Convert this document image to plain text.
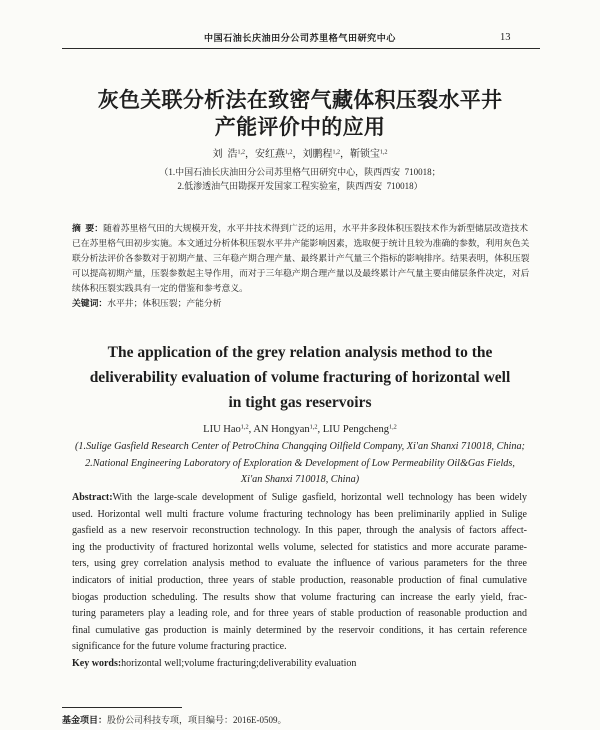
中国石油长庆油田分公司苏里格气田研究中心	13
灰色关联分析法在致密气藏体积压裂水平井
产能评价中的应用
刘  浩$^{1,2}$，安红燕$^{1,2}$，刘鹏程$^{1,2}$，靳锁宝$^{1,2}$
（1.中国石油长庆油田分公司苏里格气田研究中心，陕西西安  710018；
2.低渗透油气田勘探开发国家工程实验室，陕西西安  710018）
摘  要：随着苏里格气田的大规模开发，水平井技术得到广泛的运用，水平井多段体积压裂技术作为新型储层改造技术
已在苏里格气田初步实施。本文通过分析体积压裂水平井产能影响因素，选取便于统计且较为准确的参数，利用灰色关
联分析法评价各参数对于初期产量、三年稳产期合理产量、最终累计产气量三个指标的影响排序。结果表明，体积压裂
可以提高初期产量，压裂参数起主导作用，而对于三年稳产期合理产量以及最终累计产气量主要由储层条件决定，对后
续体积压裂实践具有一定的借鉴和参考意义。
关键词：水平井；体积压裂；产能分析
The application of the grey relation analysis method to the
deliverability evaluation of volume fracturing of horizontal well
in tight gas reservoirs
LIU Hao$^{1,2}$, AN Hongyan$^{1,2}$, LIU Pengcheng$^{1,2}$
(1.Sulige Gasfield Research Center of PetroChina Changqing Oilfield Company, Xi'an Shanxi 710018, China;
2.National Engineering Laboratory of Exploration & Development of Low Permeability Oil&Gas Fields,
Xi'an Shanxi 710018, China)
Abstract:With the large-scale development of Sulige gasfield, horizontal well technology has been widely
used. Horizontal well multi fracture volume fracturing technology has been preliminarily applied in Sulige
gasfield as a new reservoir reconstruction technology. In this paper, through the analysis of factors affect-
ing the productivity of fractured horizontal wells volume, selected for statistics and more accurate parame-
ters, using grey correlation analysis method to evaluate the influence of various parameters for the three
indicators of initial production, three years of stable production, reasonable production of final cumulative
biogas production scheduling. The results show that volume fracturing can increase the early yield, frac-
turing parameters play a leading role, and for three years of stable production of reasonable production and
final cumulative gas production is mainly determined by the reservoir conditions, it has certain reference
significance for the future volume fracturing practice.
Key words:horizontal well;volume fracturing;deliverability evaluation
基金项目：股份公司科技专项，项目编号：2016E-0509。
